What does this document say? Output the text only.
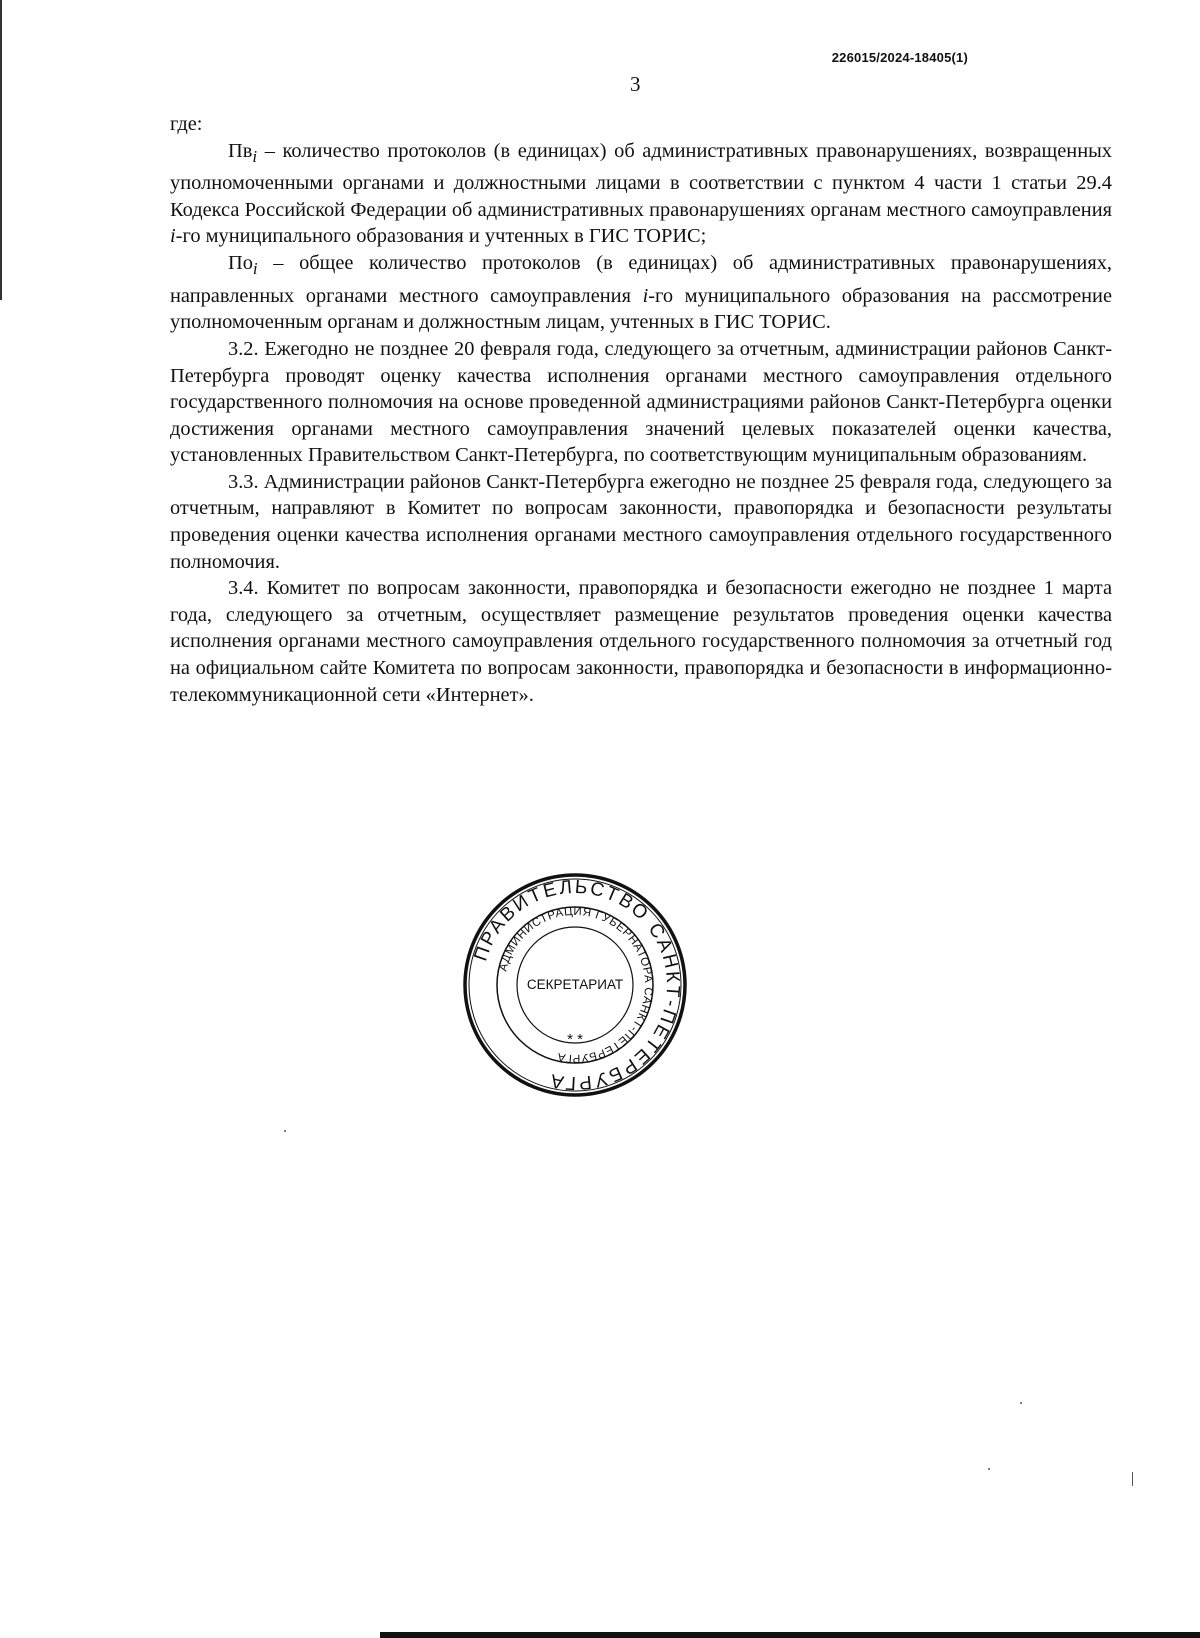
226015/2024-18405(1)
3

где:

$Пв_i$ – количество протоколов (в единицах) об административных правонарушениях, возвращенных уполномоченными органами и должностными лицами в соответствии с пунктом 4 части 1 статьи 29.4 Кодекса Российской Федерации об административных правонарушениях органам местного самоуправления i-го муниципального образования и учтенных в ГИС ТОРИС;

$По_i$ – общее количество протоколов (в единицах) об административных правонарушениях, направленных органами местного самоуправления i-го муниципального образования на рассмотрение уполномоченным органам и должностным лицам, учтенных в ГИС ТОРИС.

3.2. Ежегодно не позднее 20 февраля года, следующего за отчетным, администрации районов Санкт-Петербурга проводят оценку качества исполнения органами местного самоуправления отдельного государственного полномочия на основе проведенной администрациями районов Санкт-Петербурга оценки достижения органами местного самоуправления значений целевых показателей оценки качества, установленных Правительством Санкт-Петербурга, по соответствующим муниципальным образованиям.

3.3. Администрации районов Санкт-Петербурга ежегодно не позднее 25 февраля года, следующего за отчетным, направляют в Комитет по вопросам законности, правопорядка и безопасности результаты проведения оценки качества исполнения органами местного самоуправления отдельного государственного полномочия.

3.4. Комитет по вопросам законности, правопорядка и безопасности ежегодно не позднее 1 марта года, следующего за отчетным, осуществляет размещение результатов проведения оценки качества исполнения органами местного самоуправления отдельного государственного полномочия за отчетный год на официальном сайте Комитета по вопросам законности, правопорядка и безопасности в информационно-телекоммуникационной сети «Интернет».

ПРАВИТЕЛЬСТВО САНКТ-ПЕТЕРБУРГА
АДМИНИСТРАЦИЯ ГУБЕРНАТОРА САНКТ-ПЕТЕРБУРГА
СЕКРЕТАРИАТ
* *
